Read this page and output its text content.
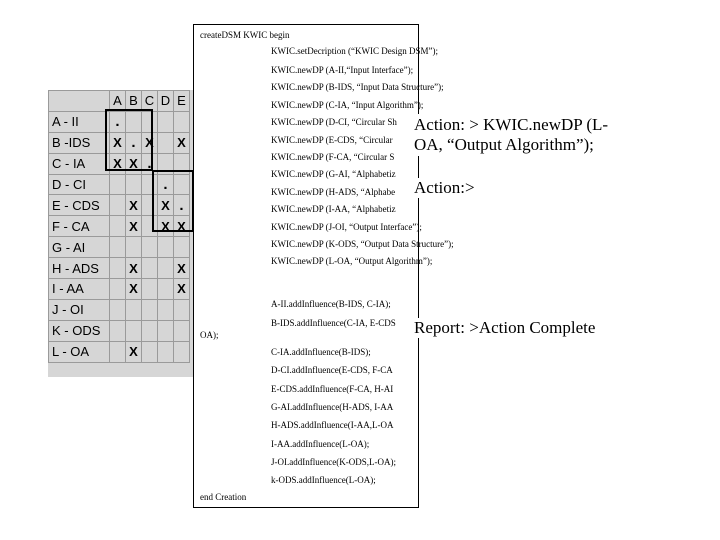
	A	B	C	D	E
A - II	.				
B -IDS	X	.	X		X
C - IA	X	X	.		
D - CI				.	
E - CDS		X		X	.
F - CA		X		X	X
G - AI					
H - ADS		X			X
I - AA		X			X
J - OI					
K - ODS					
L - OA		X			
createDSM KWIC begin
KWIC.setDecription (“KWIC Design DSM”);
KWIC.newDP (A-II,“Input Interface”);
KWIC.newDP (B-IDS, “Input Data Structure”);
KWIC.newDP (C-IA, “Input Algorithm”);
KWIC.newDP (D-CI, “Circular Sh
KWIC.newDP (E-CDS, “Circular
KWIC.newDP (F-CA, “Circular S
KWIC.newDP (G-AI, “Alphabetiz
KWIC.newDP (H-ADS, “Alphabe
KWIC.newDP (I-AA, “Alphabetiz
KWIC.newDP (J-OI, “Output Interface”);
KWIC.newDP (K-ODS, “Output Data Structure”);
KWIC.newDP (L-OA, “Output Algorithm”);
A-II.addInfluence(B-IDS, C-IA);
B-IDS.addInfluence(C-IA, E-CDS
OA);
C-IA.addInfluence(B-IDS);
D-CI.addInfluence(E-CDS, F-CA
E-CDS.addInfluence(F-CA, H-AI
G-AI.addInfluence(H-ADS, I-AA
H-ADS.addInfluence(I-AA,L-OA
I-AA.addInfluence(L-OA);
J-OI.addInfluence(K-ODS,L-OA);
k-ODS.addInfluence(L-OA);
end Creation
Action: > KWIC.newDP (L-
OA, “Output Algorithm”);
Action:>
Report: >Action Complete
